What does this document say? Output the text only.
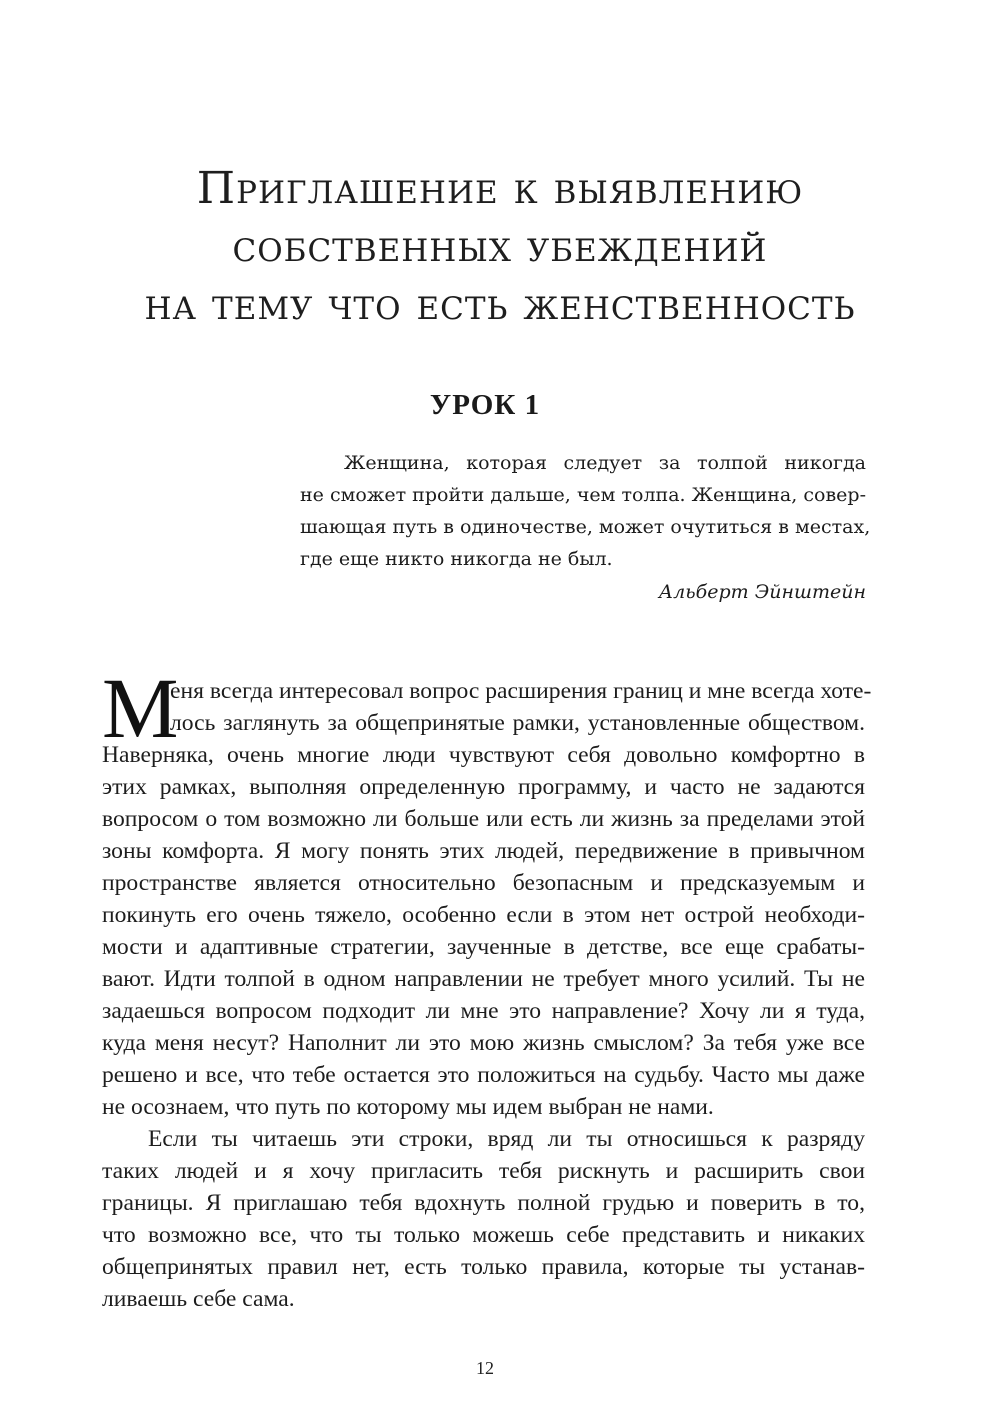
Приглашение к выявлению
собственных убеждений
на тему что есть женственность
УРОК 1
Женщина, которая следует за толпой никогда
не сможет пройти дальше, чем толпа. Женщина, совер-
шающая путь в одиночестве, может очутиться в местах,
где еще никто никогда не был.
Альберт Эйнштейн
М
еня всегда интересовал вопрос расширения границ и мне всегда хоте-
лось заглянуть за общепринятые рамки, установленные обществом.
Наверняка, очень многие люди чувствуют себя довольно комфортно в
этих рамках, выполняя определенную программу, и часто не задаются
вопросом о том возможно ли больше или есть ли жизнь за пределами этой
зоны комфорта. Я могу понять этих людей, передвижение в привычном
пространстве является относительно безопасным и предсказуемым и
покинуть его очень тяжело, особенно если в этом нет острой необходи-
мости и адаптивные стратегии, заученные в детстве, все еще срабаты-
вают. Идти толпой в одном направлении не требует много усилий. Ты не
задаешься вопросом подходит ли мне это направление? Хочу ли я туда,
куда меня несут? Наполнит ли это мою жизнь смыслом? За тебя уже все
решено и все, что тебе остается это положиться на судьбу. Часто мы даже
не осознаем, что путь по которому мы идем выбран не нами.
Если ты читаешь эти строки, вряд ли ты относишься к разряду
таких людей и я хочу пригласить тебя рискнуть и расширить свои
границы. Я приглашаю тебя вдохнуть полной грудью и поверить в то,
что возможно все, что ты только можешь себе представить и никаких
общепринятых правил нет, есть только правила, которые ты устанав-
ливаешь себе сама.
12
